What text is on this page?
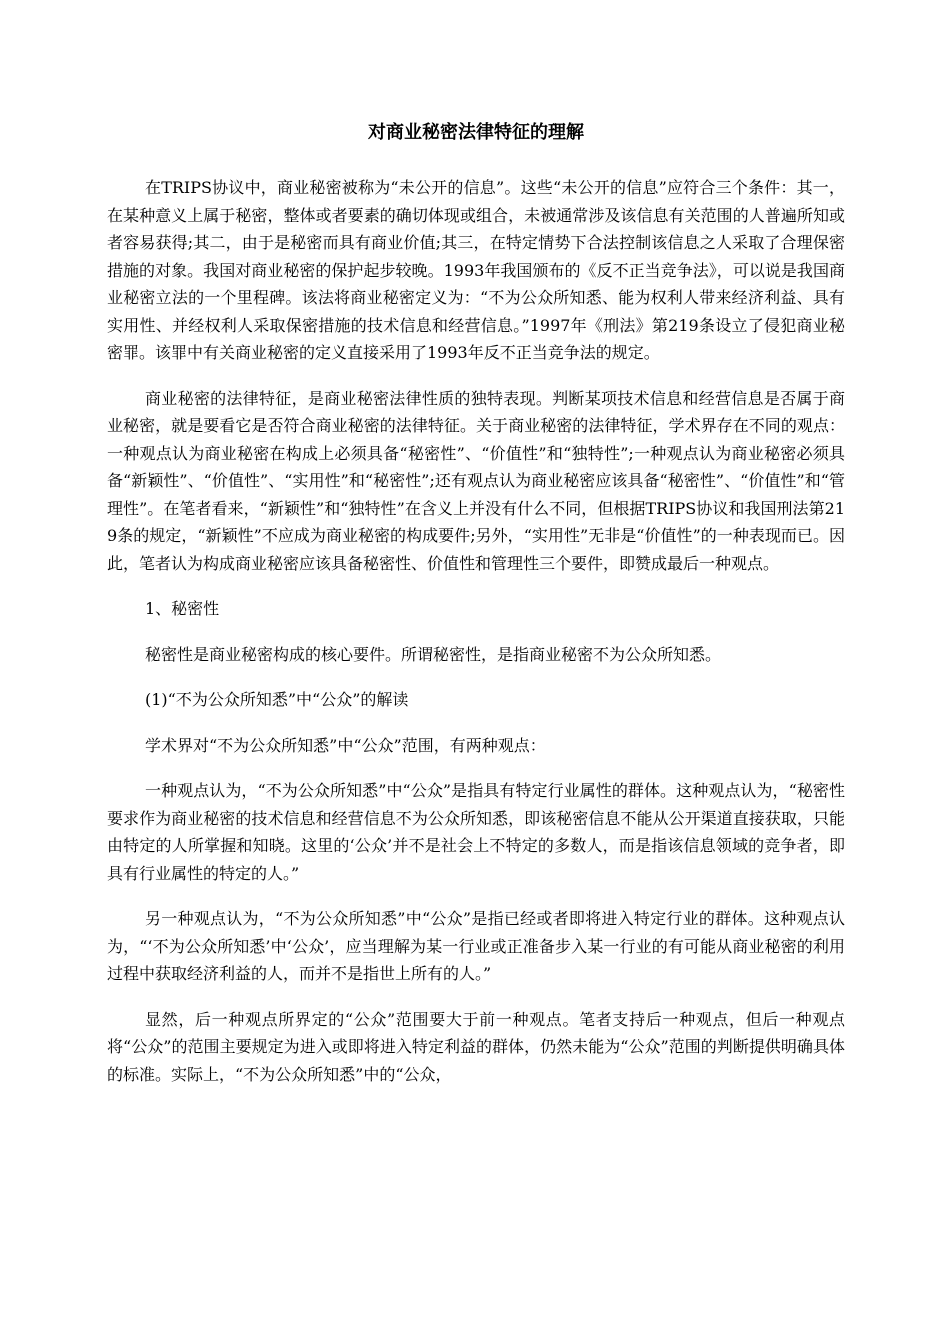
对商业秘密法律特征的理解

在TRIPS协议中，商业秘密被称为“未公开的信息”。这些“未公开的信息”应符合三个条件：其一，在某种意义上属于秘密，整体或者要素的确切体现或组合，未被通常涉及该信息有关范围的人普遍所知或者容易获得;其二，由于是秘密而具有商业价值;其三，在特定情势下合法控制该信息之人采取了合理保密措施的对象。我国对商业秘密的保护起步较晚。1993年我国颁布的《反不正当竞争法》，可以说是我国商业秘密立法的一个里程碑。该法将商业秘密定义为：“不为公众所知悉、能为权利人带来经济利益、具有实用性、并经权利人采取保密措施的技术信息和经营信息。”1997年《刑法》第219条设立了侵犯商业秘密罪。该罪中有关商业秘密的定义直接采用了1993年反不正当竞争法的规定。

商业秘密的法律特征，是商业秘密法律性质的独特表现。判断某项技术信息和经营信息是否属于商业秘密，就是要看它是否符合商业秘密的法律特征。关于商业秘密的法律特征，学术界存在不同的观点：一种观点认为商业秘密在构成上必须具备“秘密性”、“价值性”和“独特性”;一种观点认为商业秘密必须具备“新颖性”、“价值性”、“实用性”和“秘密性”;还有观点认为商业秘密应该具备“秘密性”、“价值性”和“管理性”。在笔者看来，“新颖性”和“独特性”在含义上并没有什么不同，但根据TRIPS协议和我国刑法第219条的规定，“新颖性”不应成为商业秘密的构成要件;另外，“实用性”无非是“价值性”的一种表现而已。因此，笔者认为构成商业秘密应该具备秘密性、价值性和管理性三个要件，即赞成最后一种观点。

1、秘密性

秘密性是商业秘密构成的核心要件。所谓秘密性，是指商业秘密不为公众所知悉。

(1)“不为公众所知悉”中“公众”的解读

学术界对“不为公众所知悉”中“公众”范围，有两种观点：

一种观点认为，“不为公众所知悉”中“公众”是指具有特定行业属性的群体。这种观点认为，“秘密性要求作为商业秘密的技术信息和经营信息不为公众所知悉，即该秘密信息不能从公开渠道直接获取，只能由特定的人所掌握和知晓。这里的‘公众’并不是社会上不特定的多数人，而是指该信息领域的竞争者，即具有行业属性的特定的人。”

另一种观点认为，“不为公众所知悉”中“公众”是指已经或者即将进入特定行业的群体。这种观点认为，“‘不为公众所知悉’中‘公众’，应当理解为某一行业或正准备步入某一行业的有可能从商业秘密的利用过程中获取经济利益的人，而并不是指世上所有的人。”

显然，后一种观点所界定的“公众”范围要大于前一种观点。笔者支持后一种观点，但后一种观点将“公众”的范围主要规定为进入或即将进入特定利益的群体，仍然未能为“公众”范围的判断提供明确具体的标准。实际上，“不为公众所知悉”中的“公众，
